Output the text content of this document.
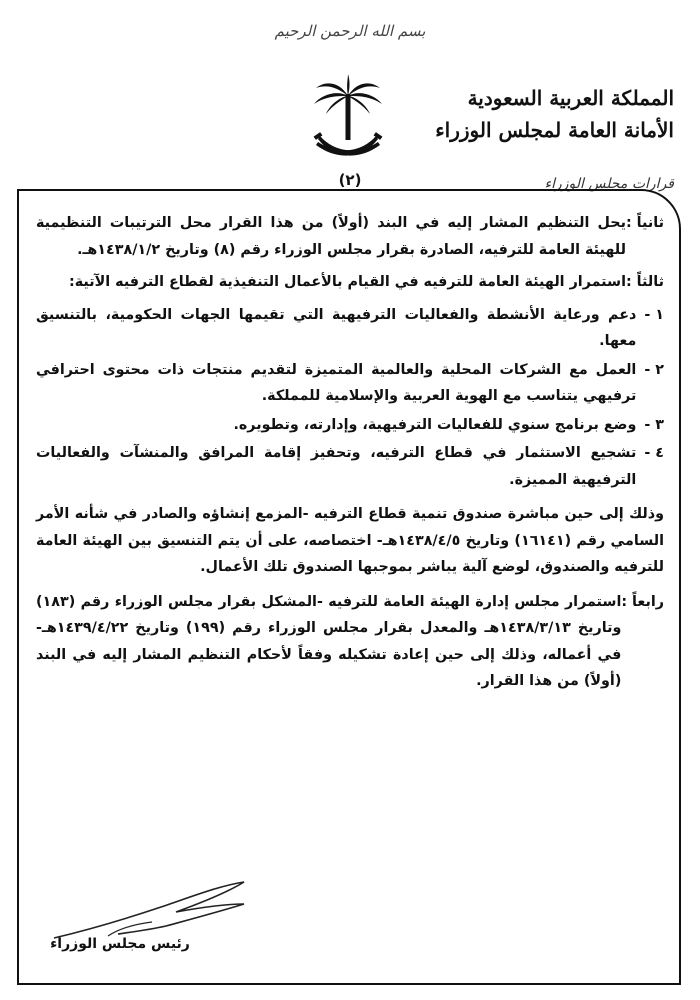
بسم الله الرحمن الرحيم
المملكة العربية السعودية
الأمانة العامة لمجلس الوزراء
قرارات مجلس الوزراء
(٢)
ثانياً :
يحل التنظيم المشار إليه في البند (أولاً) من هذا القرار محل الترتيبات التنظيمية للهيئة العامة للترفيه، الصادرة بقرار مجلس الوزراء رقم (٨) وتاريخ ١٤٣٨/١/٢هـ.
ثالثاً :
استمرار الهيئة العامة للترفيه في القيام بالأعمال التنفيذية لقطاع الترفيه الآتية:
١ -
دعم ورعاية الأنشطة والفعاليات الترفيهية التي تقيمها الجهات الحكومية، بالتنسيق معها.
٢ -
العمل مع الشركات المحلية والعالمية المتميزة لتقديم منتجات ذات محتوى احترافي ترفيهي يتناسب مع الهوية العربية والإسلامية للمملكة.
٣ -
وضع برنامج سنوي للفعاليات الترفيهية، وإدارته، وتطويره.
٤ -
تشجيع الاستثمار في قطاع الترفيه، وتحفيز إقامة المرافق والمنشآت والفعاليات الترفيهية المميزة.
وذلك إلى حين مباشرة صندوق تنمية قطاع الترفيه -المزمع إنشاؤه والصادر في شأنه الأمر السامي رقم (١٦١٤١) وتاريخ ١٤٣٨/٤/٥هـ- اختصاصه، على أن يتم التنسيق بين الهيئة العامة للترفيه والصندوق، لوضع آلية يباشر بموجبها الصندوق تلك الأعمال.
رابعاً :
استمرار مجلس إدارة الهيئة العامة للترفيه -المشكل بقرار مجلس الوزراء رقم (١٨٣) وتاريخ ١٤٣٨/٣/١٣هـ والمعدل بقرار مجلس الوزراء رقم (١٩٩) وتاريخ ١٤٣٩/٤/٢٢هـ- في أعماله، وذلك إلى حين إعادة تشكيله وفقاً لأحكام التنظيم المشار إليه في البند (أولاً) من هذا القرار.
رئيس مجلس الوزراء
